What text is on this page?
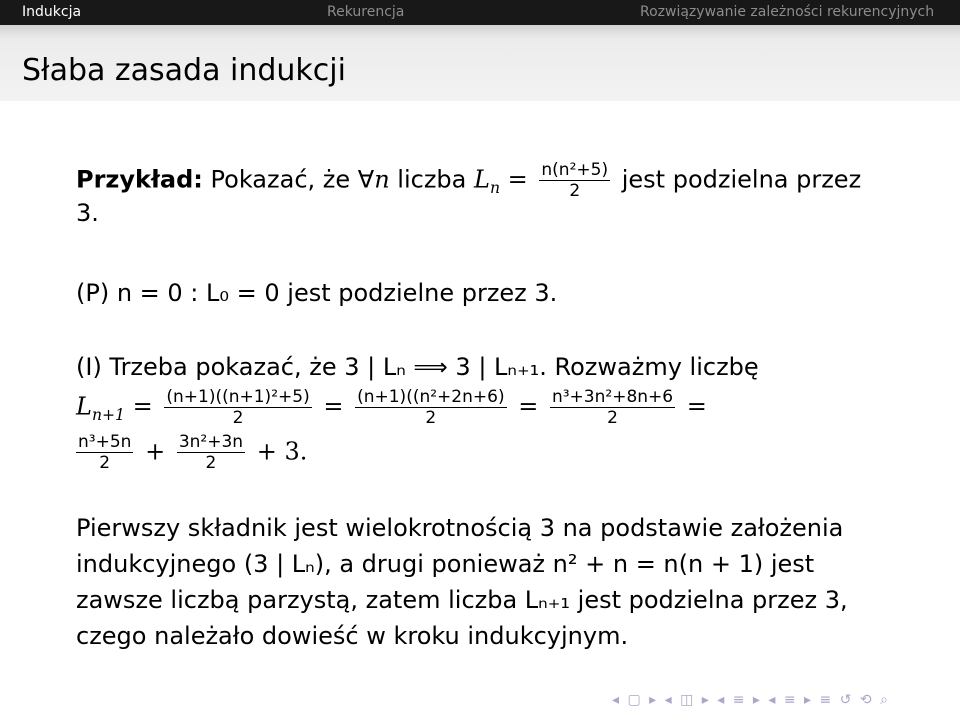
Indukcja	Rekurencja	Rozwiązywanie zależności rekurencyjnych
Słaba zasada indukcji
Przykład: Pokazać, że ∀n liczba $L_n = \frac{\text{n(n²+5)}}{2}$ jest podzielna przez
3.
(P) n = 0 : L₀ = 0 jest podzielne przez 3.
(I) Trzeba pokazać, że 3 | Lₙ ⟹ 3 | Lₙ₊₁. Rozważmy liczbę
$L_{n+1} = \frac{\text{(n+1)((n+1)²+5)}}{2} = \frac{\text{(n+1)((n²+2n+6)}}{2} = \frac{\text{n³+3n²+8n+6}}{2}$ =
$\frac{\text{n³+5n}}{2} + \frac{\text{3n²+3n}}{2} + 3$.
Pierwszy składnik jest wielokrotnością 3 na podstawie założenia
indukcyjnego (3 | Lₙ), a drugi ponieważ n² + n = n(n + 1) jest
zawsze liczbą parzystą, zatem liczba Lₙ₊₁ jest podzielna przez 3,
czego należało dowieść w kroku indukcyjnym.
◂ ▢ ▸ ◂ ◫ ▸ ◂ ≡ ▸ ◂ ≡ ▸ ≡ ↺ ⟲ ⌕
